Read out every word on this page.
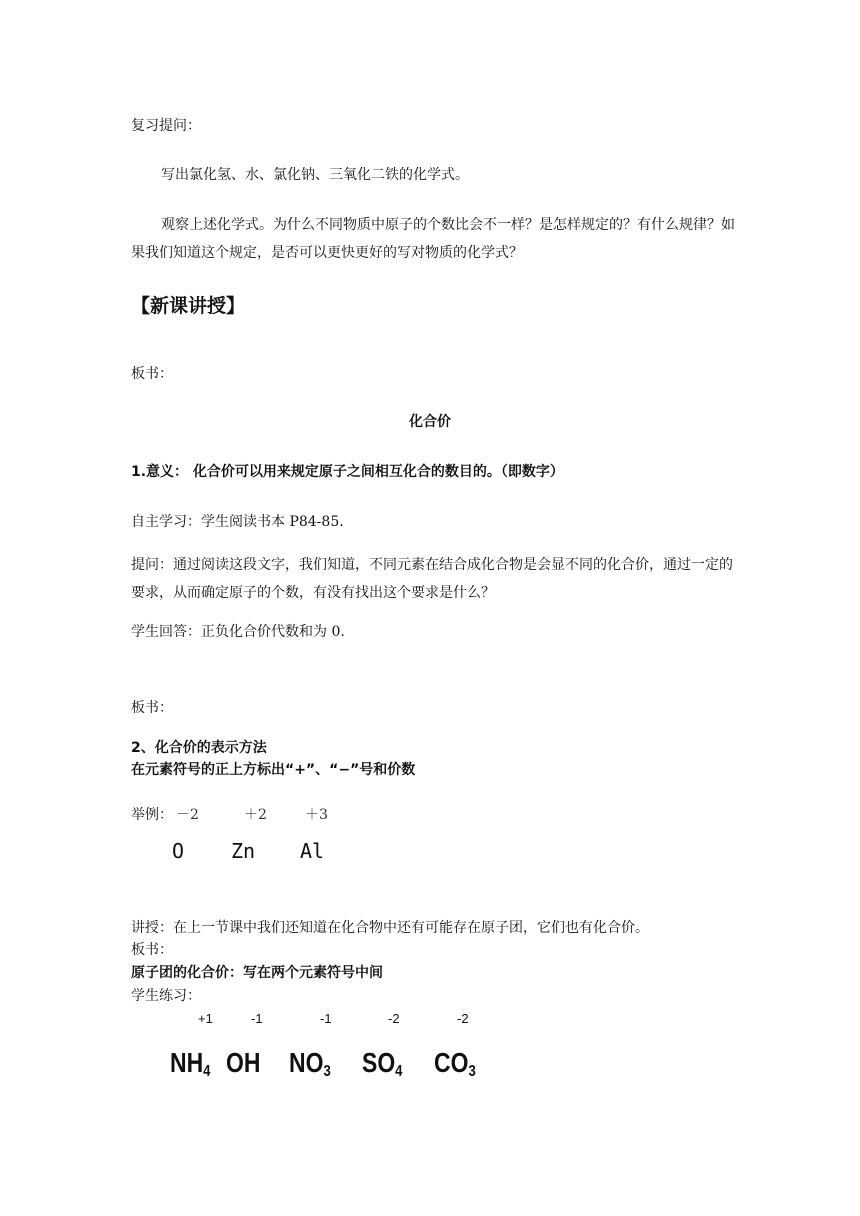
复习提问：
写出氯化氢、水、氯化钠、三氧化二铁的化学式。
观察上述化学式。为什么不同物质中原子的个数比会不一样？是怎样规定的？有什么规律？如果我们知道这个规定，是否可以更快更好的写对物质的化学式？
【新课讲授】
板书：
化合价
1.意义： 化合价可以用来规定原子之间相互化合的数目的。（即数字）
自主学习：学生阅读书本 P84-85.
提问：通过阅读这段文字，我们知道，不同元素在结合成化合物是会显不同的化合价，通过一定的要求，从而确定原子的个数，有没有找出这个要求是什么？
学生回答：正负化合价代数和为 0.
板书：
2、化合价的表示方法
在元素符号的正上方标出“+”、“−”号和价数
举例： －2	＋2	＋3
O Zn Al
讲授：在上一节课中我们还知道在化合物中还有可能存在原子团，它们也有化合价。
板书：
原子团的化合价：写在两个元素符号中间
学生练习：
+1	-1	-1	-2	-2
$NH_4$ OH $NO_3$ $SO_4$ $CO_3$
